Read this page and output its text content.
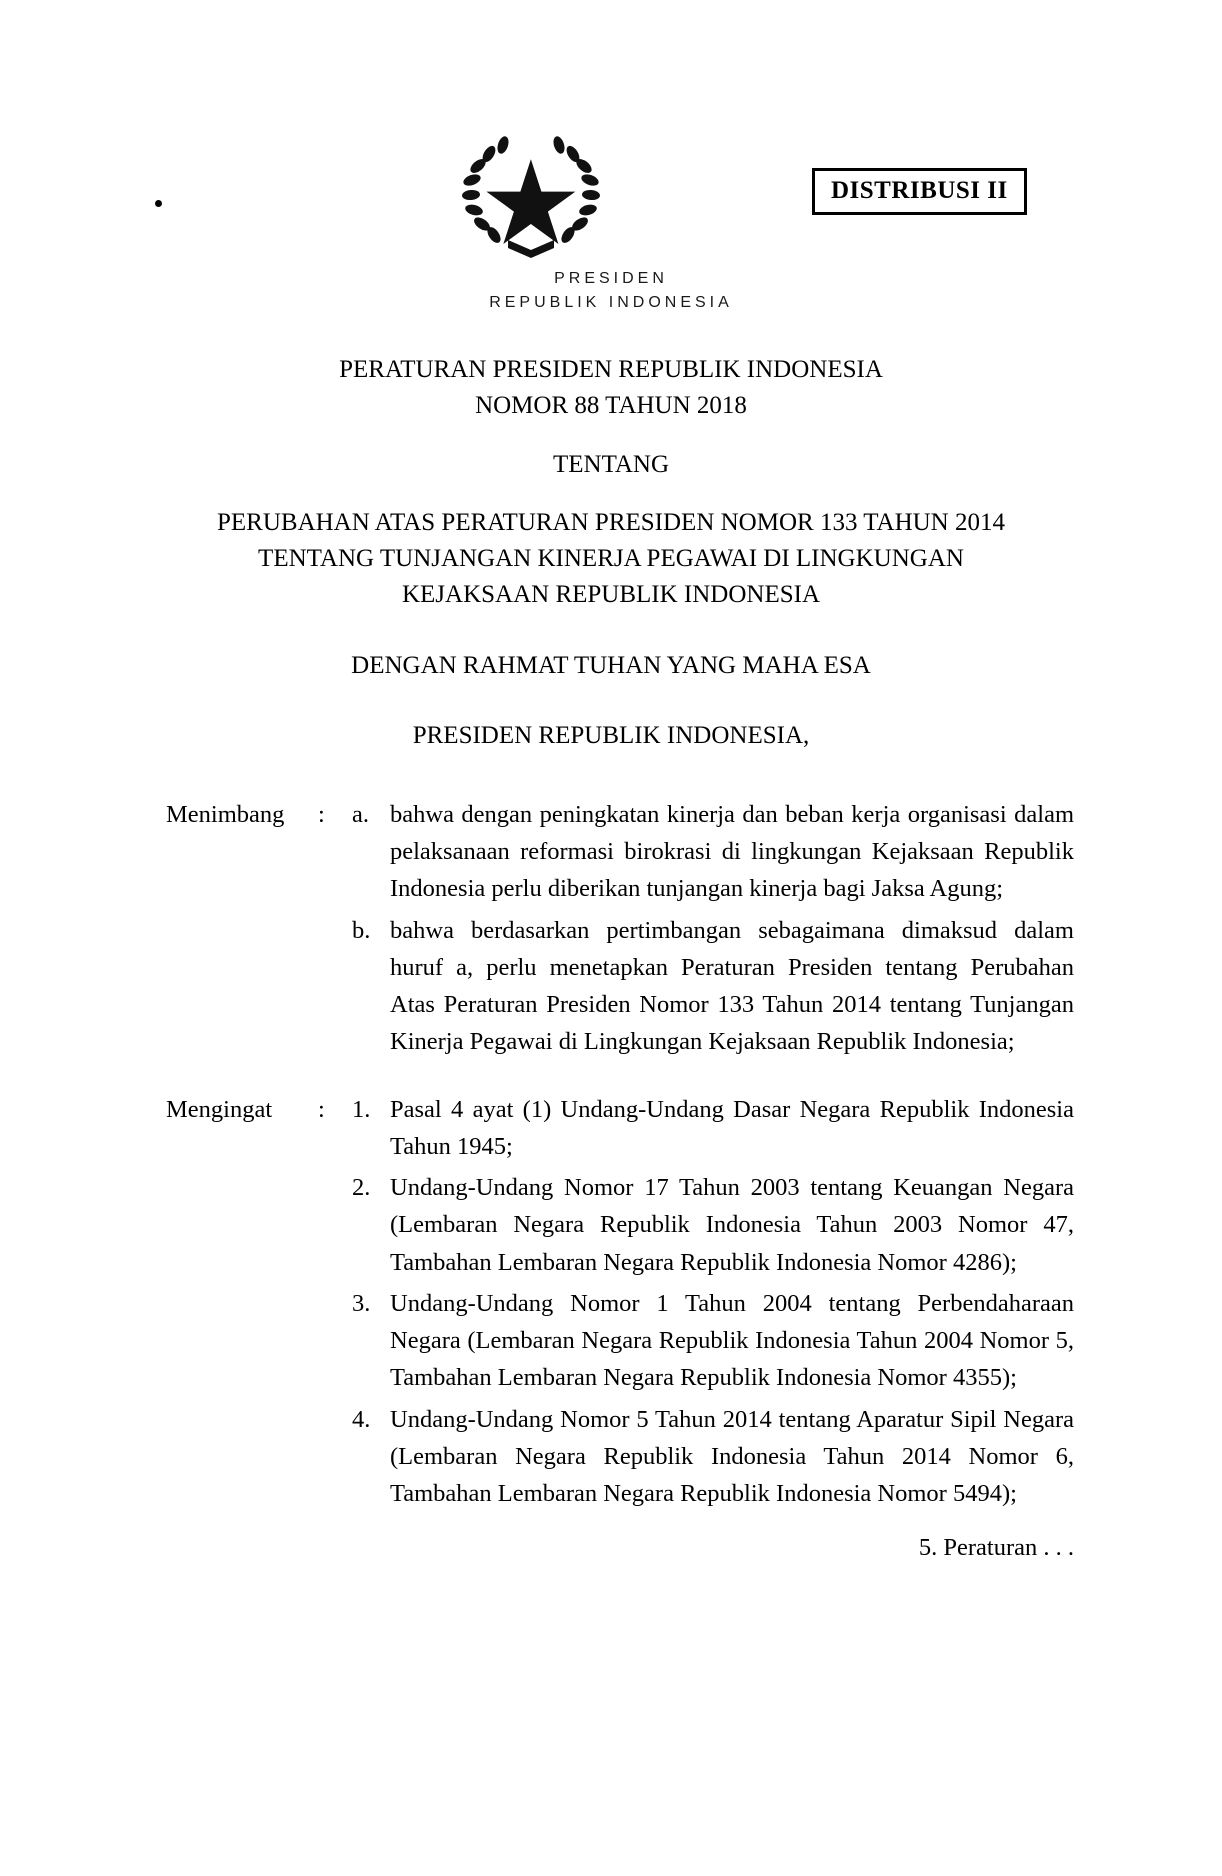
DISTRIBUSI II
PRESIDEN
REPUBLIK INDONESIA
PERATURAN PRESIDEN REPUBLIK INDONESIA
NOMOR 88 TAHUN 2018
TENTANG
PERUBAHAN ATAS PERATURAN PRESIDEN NOMOR 133 TAHUN 2014
TENTANG TUNJANGAN KINERJA PEGAWAI DI LINGKUNGAN
KEJAKSAAN REPUBLIK INDONESIA
DENGAN RAHMAT TUHAN YANG MAHA ESA
PRESIDEN REPUBLIK INDONESIA,
Menimbang	:	a. bahwa dengan peningkatan kinerja dan beban kerja organisasi dalam pelaksanaan reformasi birokrasi di lingkungan Kejaksaan Republik Indonesia perlu diberikan tunjangan kinerja bagi Jaksa Agung;
b. bahwa berdasarkan pertimbangan sebagaimana dimaksud dalam huruf a, perlu menetapkan Peraturan Presiden tentang Perubahan Atas Peraturan Presiden Nomor 133 Tahun 2014 tentang Tunjangan Kinerja Pegawai di Lingkungan Kejaksaan Republik Indonesia;
Mengingat	:	1. Pasal 4 ayat (1) Undang-Undang Dasar Negara Republik Indonesia Tahun 1945;
2. Undang-Undang Nomor 17 Tahun 2003 tentang Keuangan Negara (Lembaran Negara Republik Indonesia Tahun 2003 Nomor 47, Tambahan Lembaran Negara Republik Indonesia Nomor 4286);
3. Undang-Undang Nomor 1 Tahun 2004 tentang Perbendaharaan Negara (Lembaran Negara Republik Indonesia Tahun 2004 Nomor 5, Tambahan Lembaran Negara Republik Indonesia Nomor 4355);
4. Undang-Undang Nomor 5 Tahun 2014 tentang Aparatur Sipil Negara (Lembaran Negara Republik Indonesia Tahun 2014 Nomor 6, Tambahan Lembaran Negara Republik Indonesia Nomor 5494);
5. Peraturan . . .
